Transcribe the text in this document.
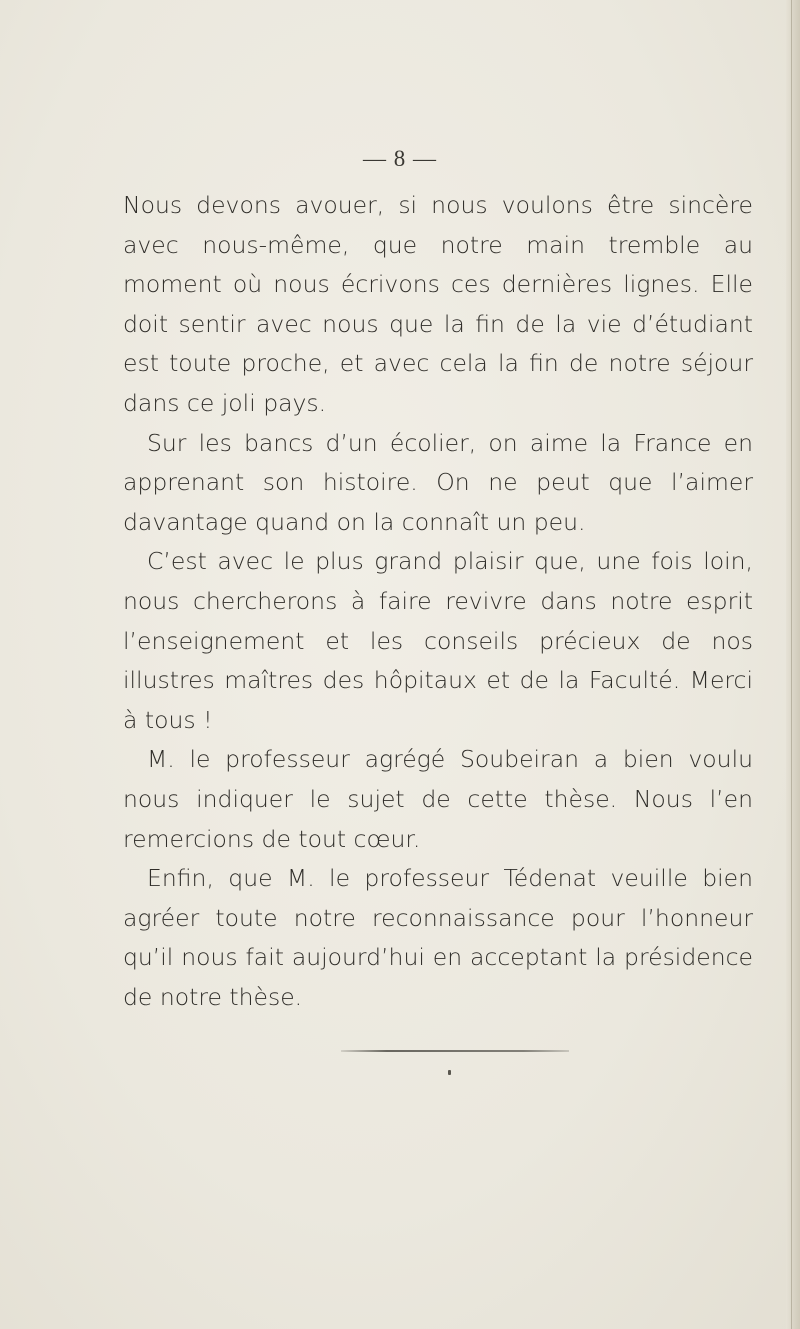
— 8 —

Nous devons avouer, si nous voulons être sincère avec nous-même, que notre main tremble au moment où nous écrivons ces dernières lignes. Elle doit sentir avec nous que la fin de la vie d’étudiant est toute proche, et avec cela la fin de notre séjour dans ce joli pays.

Sur les bancs d’un écolier, on aime la France en apprenant son histoire. On ne peut que l’aimer davantage quand on la connaît un peu.

C’est avec le plus grand plaisir que, une fois loin, nous chercherons à faire revivre dans notre esprit l’enseignement et les conseils précieux de nos illustres maîtres des hôpitaux et de la Faculté. Merci à tous !

M. le professeur agrégé Soubeiran a bien voulu nous indiquer le sujet de cette thèse. Nous l’en remercions de tout cœur.

Enfin, que M. le professeur Tédenat veuille bien agréer toute notre reconnaissance pour l’honneur qu’il nous fait aujourd’hui en acceptant la présidence de notre thèse.
